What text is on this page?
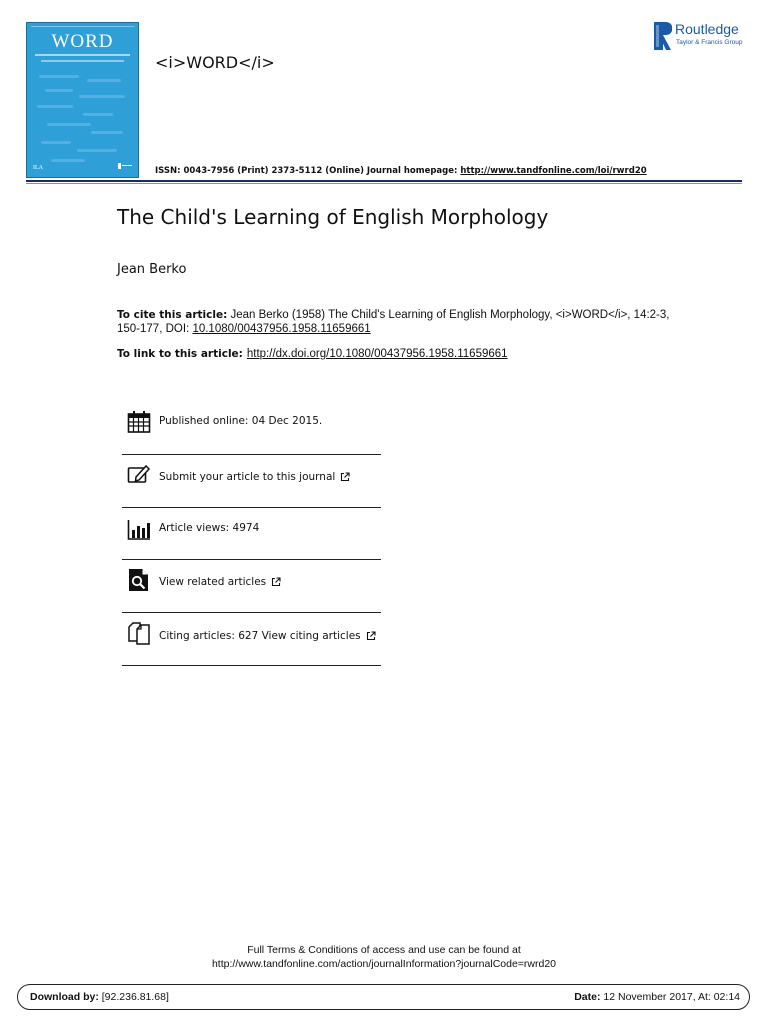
WORD
ILA
<i>WORD</i>
Routledge
Taylor & Francis Group
ISSN: 0043-7956 (Print) 2373-5112 (Online) Journal homepage: http://www.tandfonline.com/loi/rwrd20
The Child's Learning of English Morphology
Jean Berko
To cite this article: Jean Berko (1958) The Child's Learning of English Morphology, <i>WORD</i>, 14:2-3, 150-177, DOI: 10.1080/00437956.1958.11659661
To link to this article: http://dx.doi.org/10.1080/00437956.1958.11659661
Published online: 04 Dec 2015.
Submit your article to this journal
Article views: 4974
View related articles
Citing articles: 627 View citing articles
Full Terms & Conditions of access and use can be found at
http://www.tandfonline.com/action/journalInformation?journalCode=rwrd20
Download by: [92.236.81.68]	Date: 12 November 2017, At: 02:14
